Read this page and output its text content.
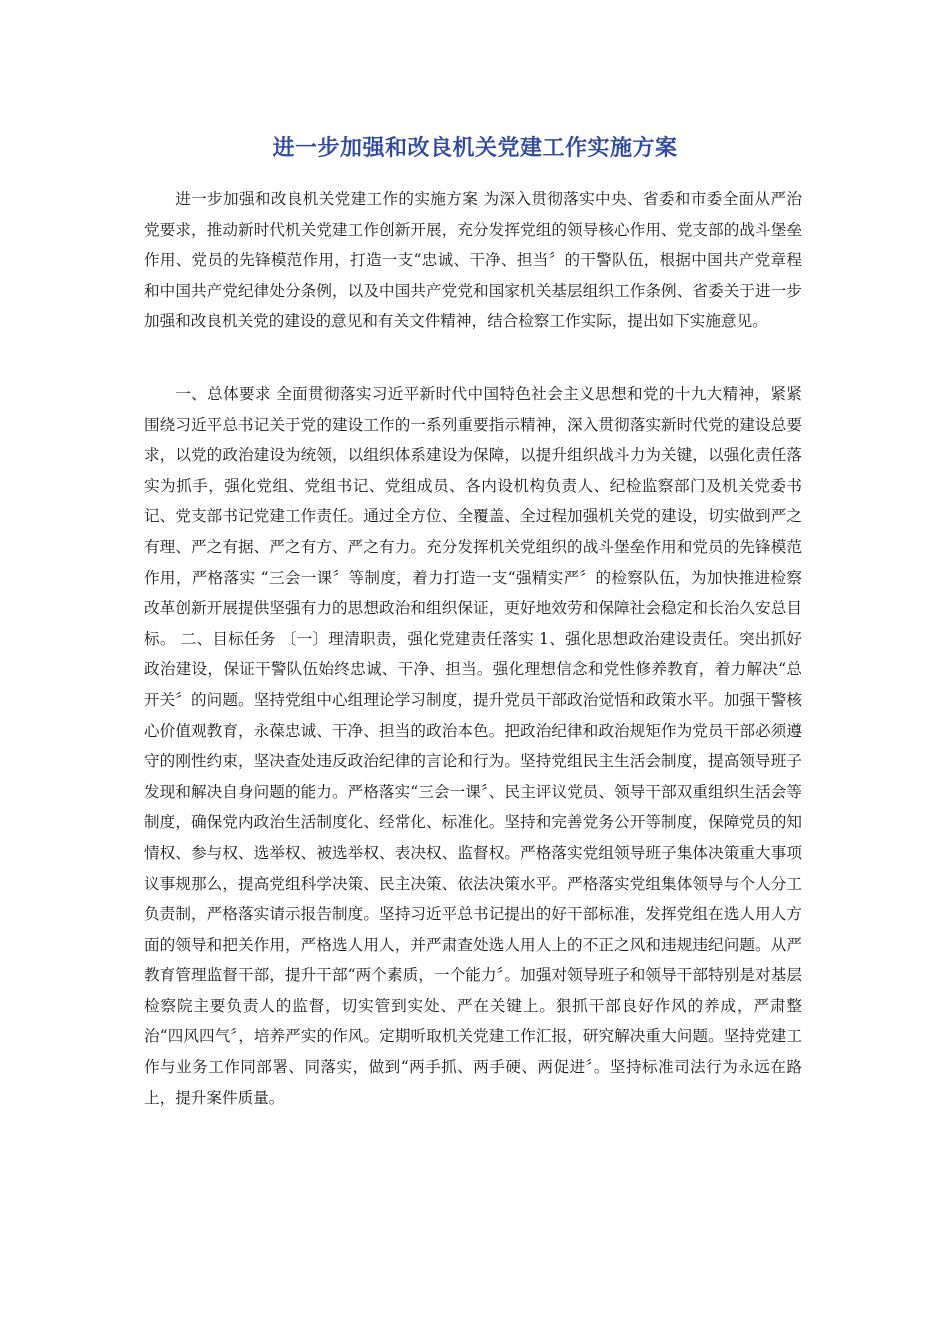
进一步加强和改良机关党建工作实施方案

进一步加强和改良机关党建工作的实施方案 为深入贯彻落实中央、省委和市委全面从严治党要求，推动新时代机关党建工作创新开展，充分发挥党组的领导核心作用、党支部的战斗堡垒作用、党员的先锋模范作用，打造一支“忠诚、干净、担当〞的干警队伍，根据中国共产党章程和中国共产党纪律处分条例，以及中国共产党党和国家机关基层组织工作条例、省委关于进一步加强和改良机关党的建设的意见和有关文件精神，结合检察工作实际，提出如下实施意见。

一、总体要求 全面贯彻落实习近平新时代中国特色社会主义思想和党的十九大精神，紧紧围绕习近平总书记关于党的建设工作的一系列重要指示精神，深入贯彻落实新时代党的建设总要求，以党的政治建设为统领，以组织体系建设为保障，以提升组织战斗力为关键，以强化责任落实为抓手，强化党组、党组书记、党组成员、各内设机构负责人、纪检监察部门及机关党委书记、党支部书记党建工作责任。通过全方位、全覆盖、全过程加强机关党的建设，切实做到严之有理、严之有据、严之有方、严之有力。充分发挥机关党组织的战斗堡垒作用和党员的先锋模范作用，严格落实 “三会一课〞等制度，着力打造一支“强精实严〞的检察队伍，为加快推进检察改革创新开展提供坚强有力的思想政治和组织保证，更好地效劳和保障社会稳定和长治久安总目标。 二、目标任务 〔一〕理清职责，强化党建责任落实 1、强化思想政治建设责任。突出抓好政治建设，保证干警队伍始终忠诚、干净、担当。强化理想信念和党性修养教育，着力解决“总开关〞的问题。坚持党组中心组理论学习制度，提升党员干部政治觉悟和政策水平。加强干警核心价值观教育，永葆忠诚、干净、担当的政治本色。把政治纪律和政治规矩作为党员干部必须遵守的刚性约束，坚决查处违反政治纪律的言论和行为。坚持党组民主生活会制度，提高领导班子发现和解决自身问题的能力。严格落实“三会一课〞、民主评议党员、领导干部双重组织生活会等制度，确保党内政治生活制度化、经常化、标准化。坚持和完善党务公开等制度，保障党员的知情权、参与权、选举权、被选举权、表决权、监督权。严格落实党组领导班子集体决策重大事项议事规那么，提高党组科学决策、民主决策、依法决策水平。严格落实党组集体领导与个人分工负责制，严格落实请示报告制度。坚持习近平总书记提出的好干部标准，发挥党组在选人用人方面的领导和把关作用，严格选人用人，并严肃查处选人用人上的不正之风和违规违纪问题。从严教育管理监督干部，提升干部“两个素质，一个能力〞。加强对领导班子和领导干部特别是对基层检察院主要负责人的监督，切实管到实处、严在关键上。狠抓干部良好作风的养成，严肃整治“四风四气〞，培养严实的作风。定期听取机关党建工作汇报，研究解决重大问题。坚持党建工作与业务工作同部署、同落实，做到“两手抓、两手硬、两促进〞。坚持标准司法行为永远在路上，提升案件质量。
